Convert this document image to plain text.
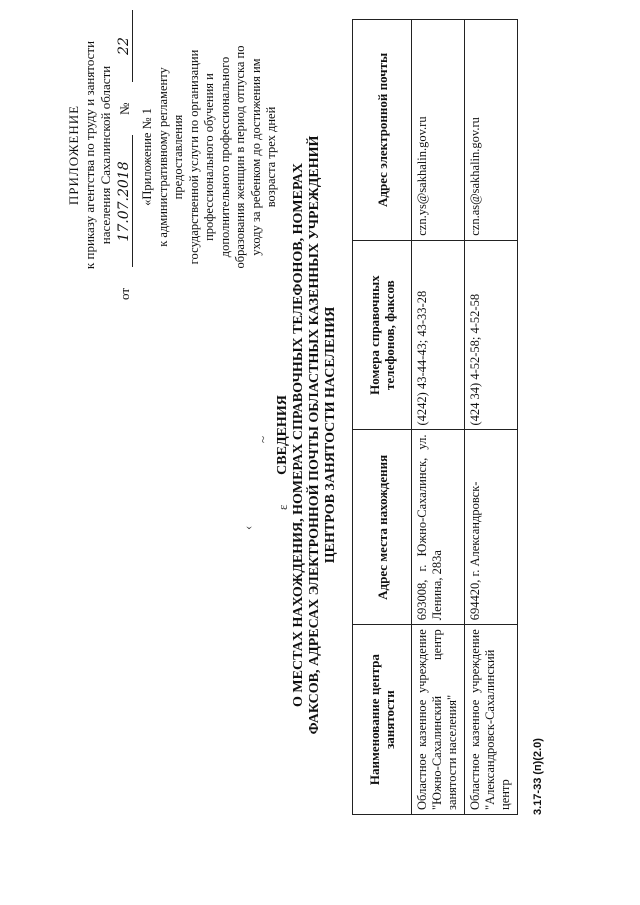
ПРИЛОЖЕНИЕ к приказу агентства по труду и занятости населения Сахалинской области
от
17.07.2018
№
22
«Приложение № 1 к административному регламенту предоставления государственной услуги по организации профессионального обучения и дополнительного профессионального образования женщин в период отпуска по уходу за ребенком до достижения им возраста трех дней
СВЕДЕНИЯ О МЕСТАХ НАХОЖДЕНИЯ, НОМЕРАХ СПРАВОЧНЫХ ТЕЛЕФОНОВ, НОМЕРАХ ФАКСОВ, АДРЕСАХ ЭЛЕКТРОННОЙ ПОЧТЫ ОБЛАСТНЫХ КАЗЕННЫХ УЧРЕЖДЕНИЙ ЦЕНТРОВ ЗАНЯТОСТИ НАСЕЛЕНИЯ
Наименование центра занятости	Адрес места нахождения	Номера справочных телефонов, факсов	Адрес электронной почты
Областное казенное учреждение "Южно-Сахалинский центр занятости населения"	693008, г. Южно-Сахалинск, ул. Ленина, 283а	(4242) 43-44-43; 43-33-28	czn.ys@sakhalin.gov.ru
Областное казенное учреждение "Александровск-Сахалинский центр	694420, г. Александровск-	(424 34) 4-52-58; 4-52-58	czn.as@sakhalin.gov.ru
3.17-33 (п)(2.0)
ε
~
‹
